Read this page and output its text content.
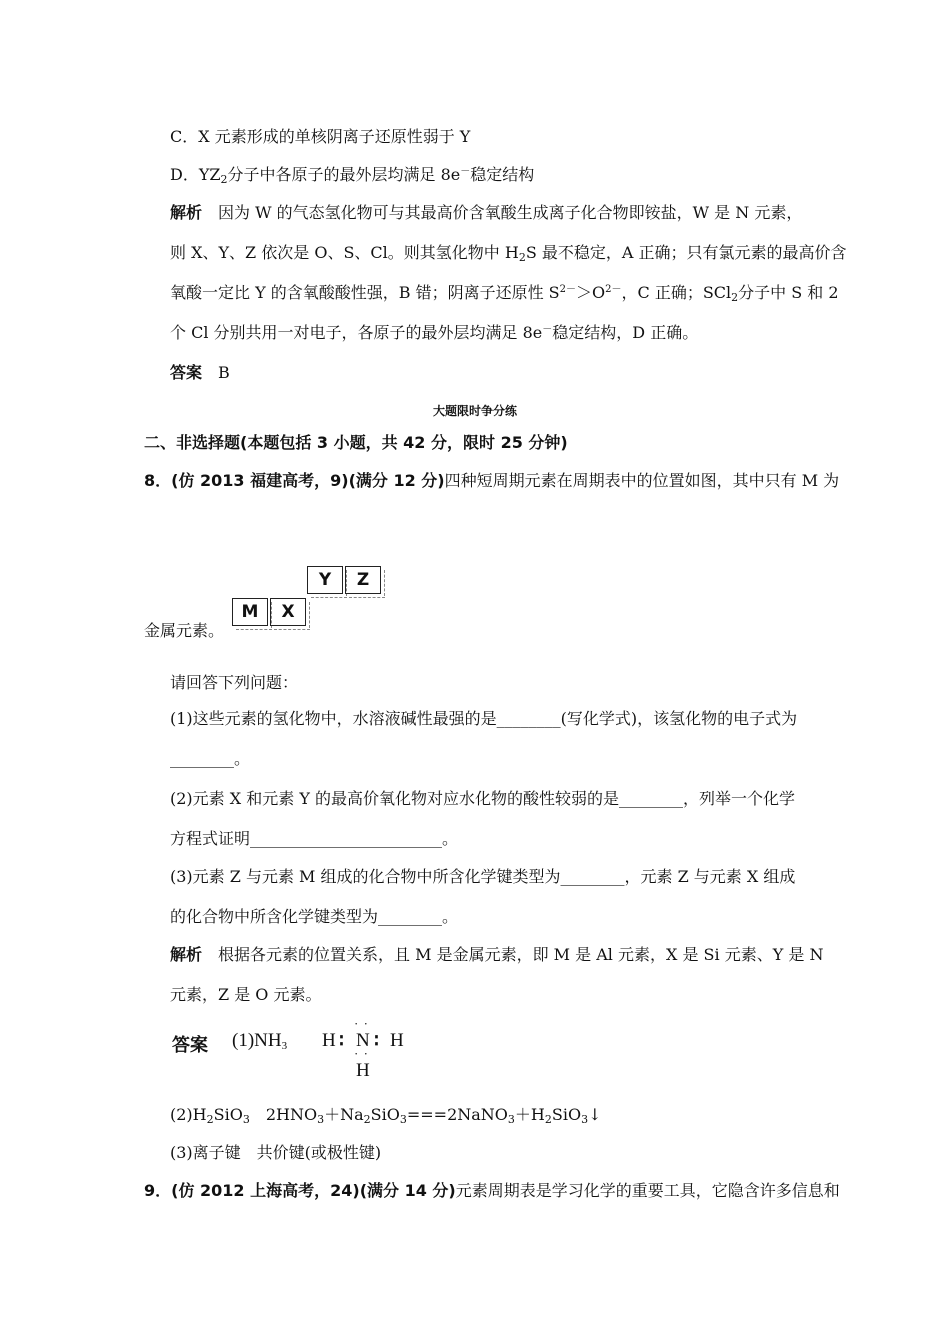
C．X 元素形成的单核阴离子还原性弱于 Y
D．$YZ_2$分子中各原子的最外层均满足 8e－稳定结构
解析　 因为 W 的气态氢化物可与其最高价含氧酸生成离子化合物即铵盐，W 是 N 元素，
则 X、Y、Z 依次是 O、S、Cl。则其氢化物中 $H_2S$ 最不稳定，A 正确；只有氯元素的最高价含
氧酸一定比 Y 的含氧酸酸性强，B 错；阴离子还原性 $S^{2-}>O^{2-}$，C 正确；SCl$_2$分子中 S 和 2
个 Cl 分别共用一对电子，各原子的最外层均满足 8e－稳定结构，D 正确。
答案　 B
大题限时争分练
二、非选择题(本题包括 3 小题，共 42 分，限时 25 分钟)
8．(仿 2013 福建高考，9)(满分 12 分)四种短周期元素在周期表中的位置如图，其中只有 M 为
Y	Z
M	X
金属元素。
请回答下列问题：
(1)这些元素的氢化物中，水溶液碱性最强的是________(写化学式)，该氢化物的电子式为
________。
(2)元素 X 和元素 Y 的最高价氧化物对应水化物的酸性较弱的是________，列举一个化学
方程式证明________________________。
(3)元素 Z 与元素 M 组成的化合物中所含化学键类型为________，元素 Z 与元素 X 组成
的化合物中所含化学键类型为________。
解析　 根据各元素的位置关系，且 M 是金属元素，即 M 是 Al 元素，X 是 Si 元素、Y 是 N
元素，Z 是 O 元素。
答案 $(1)NH_3$ H ∶
· ·
N
· ·
∶ H
H
$(2)H_2SiO_3$　$2HNO_3+Na_2SiO_3===2NaNO_3+H_2SiO_3↓$
(3)离子键　共价键(或极性键)
9．(仿 2012 上海高考，24)(满分 14 分)元素周期表是学习化学的重要工具，它隐含许多信息和
